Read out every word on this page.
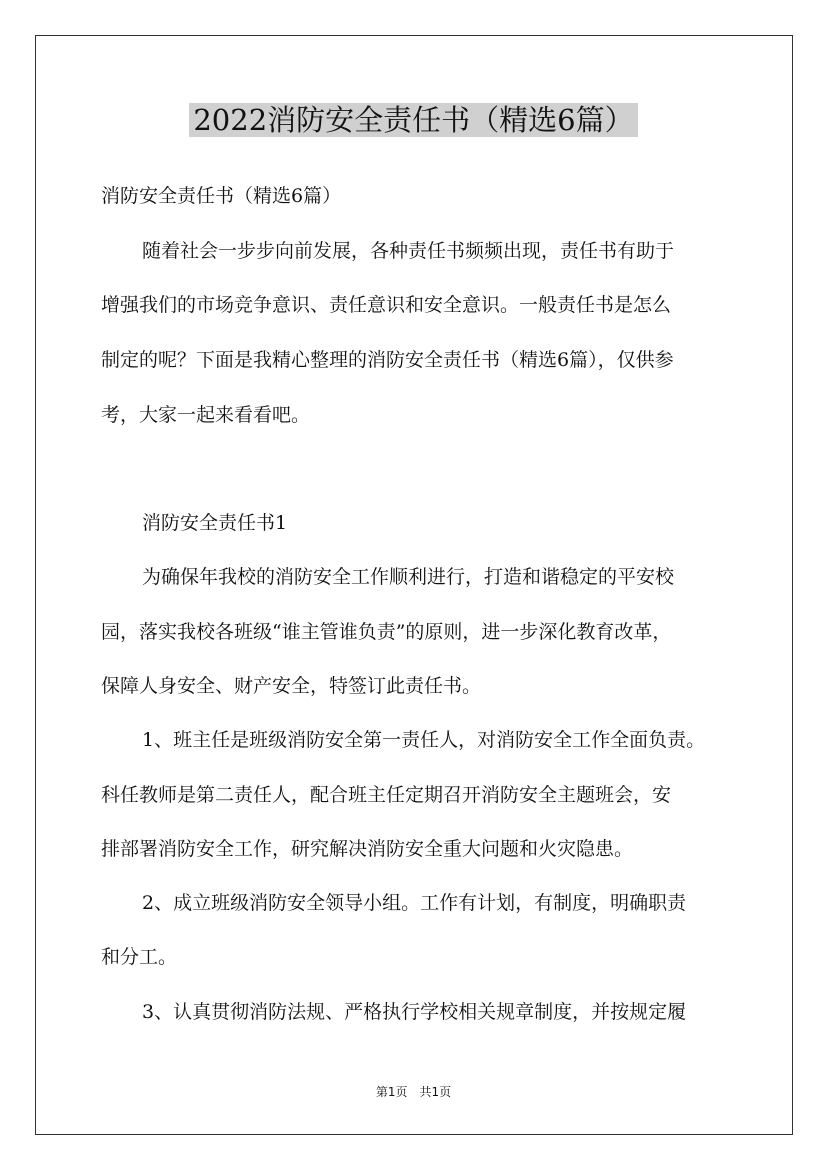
2022消防安全责任书（精选6篇）

消防安全责任书（精选6篇）

随着社会一步步向前发展，各种责任书频频出现，责任书有助于

增强我们的市场竞争意识、责任意识和安全意识。一般责任书是怎么

制定的呢？下面是我精心整理的消防安全责任书（精选6篇），仅供参

考，大家一起来看看吧。

消防安全责任书1

为确保年我校的消防安全工作顺利进行，打造和谐稳定的平安校

园，落实我校各班级“谁主管谁负责”的原则，进一步深化教育改革，

保障人身安全、财产安全，特签订此责任书。

1、班主任是班级消防安全第一责任人，对消防安全工作全面负责。

科任教师是第二责任人，配合班主任定期召开消防安全主题班会，安

排部署消防安全工作，研究解决消防安全重大问题和火灾隐患。

2、成立班级消防安全领导小组。工作有计划，有制度，明确职责

和分工。

3、认真贯彻消防法规、严格执行学校相关规章制度，并按规定履

第1页　共1页
